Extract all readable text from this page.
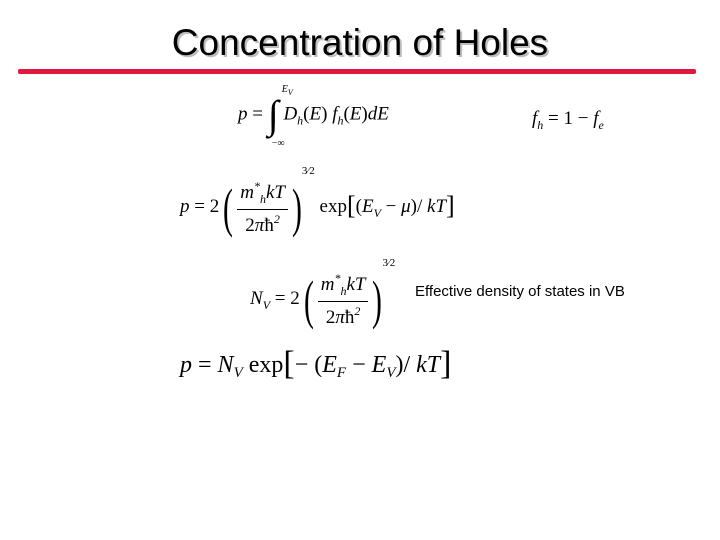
Concentration of Holes
p = ∫
$E_V$
−∞
$D_h(E)$ $f_h(E)dE$	$f_h = 1 - f_e$
$p = 2( \frac{m^*_hkT}{2\pi ħ^2}$ )3⁄2 $\exp[(E_V - \mu)/$ kT]
$N_V = 2( \frac{m^*_hkT}{2\pi ħ^2}$ )3⁄2
Effective density of states in VB
$p = N_V$ $\exp[- (E_F - E_V)/$ kT]
